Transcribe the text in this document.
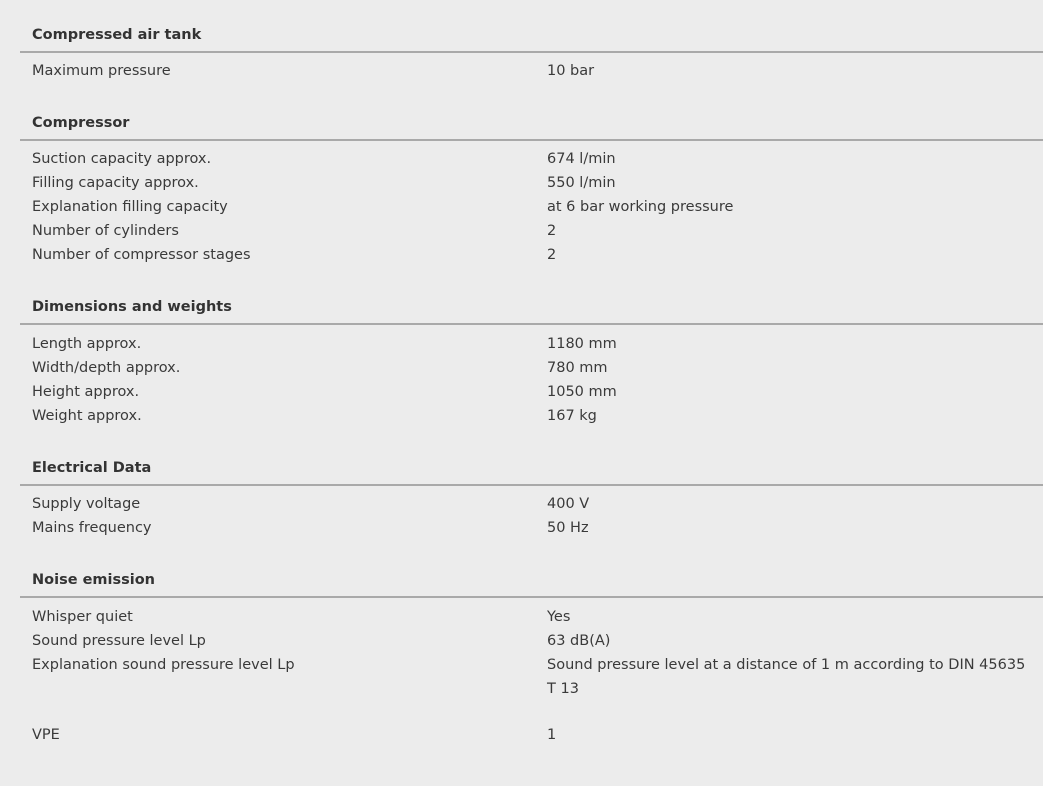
Compressed air tank
Maximum pressure	10 bar
Compressor
Suction capacity approx.	674 l/min
Filling capacity approx.	550 l/min
Explanation filling capacity	at 6 bar working pressure
Number of cylinders	2
Number of compressor stages	2
Dimensions and weights
Length approx.	1180 mm
Width/depth approx.	780 mm
Height approx.	1050 mm
Weight approx.	167 kg
Electrical Data
Supply voltage	400 V
Mains frequency	50 Hz
Noise emission
Whisper quiet	Yes
Sound pressure level Lp	63 dB(A)
Explanation sound pressure level Lp	Sound pressure level at a distance of 1 m according to DIN 45635 T 13
VPE	1
